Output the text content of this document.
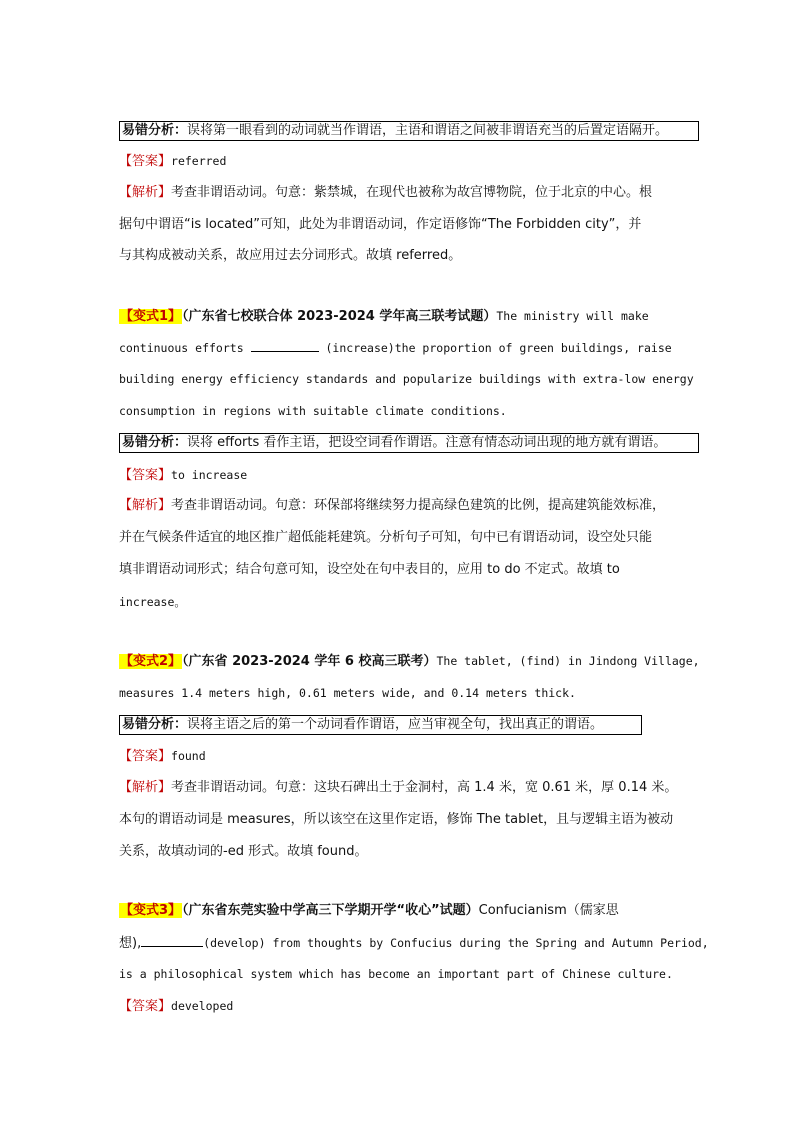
易错分析：误将第一眼看到的动词就当作谓语，主语和谓语之间被非谓语充当的后置定语隔开。
【答案】referred
【解析】考查非谓语动词。句意：紫禁城，在现代也被称为故宫博物院，位于北京的中心。根
据句中谓语“is located”可知，此处为非谓语动词，作定语修饰“The Forbidden city”，并
与其构成被动关系，故应用过去分词形式。故填 referred。
【变式1】（广东省七校联合体 2023-2024 学年高三联考试题）The ministry will make
continuous efforts	(increase)the proportion of green buildings, raise
building energy efficiency standards and popularize buildings with extra-low energy
consumption in regions with suitable climate conditions.
易错分析：误将 efforts 看作主语，把设空词看作谓语。注意有情态动词出现的地方就有谓语。
【答案】to increase
【解析】考查非谓语动词。句意：环保部将继续努力提高绿色建筑的比例，提高建筑能效标准，
并在气候条件适宜的地区推广超低能耗建筑。分析句子可知，句中已有谓语动词，设空处只能
填非谓语动词形式；结合句意可知，设空处在句中表目的，应用 to do 不定式。故填 to
increase。
【变式2】（广东省 2023-2024 学年 6 校高三联考）The tablet, (find) in Jindong Village,
measures 1.4 meters high, 0.61 meters wide, and 0.14 meters thick.
易错分析：误将主语之后的第一个动词看作谓语，应当审视全句，找出真正的谓语。
【答案】found
【解析】考查非谓语动词。句意：这块石碑出土于金洞村，高 1.4 米，宽 0.61 米，厚 0.14 米。
本句的谓语动词是 measures，所以该空在这里作定语，修饰 The tablet，且与逻辑主语为被动
关系，故填动词的-ed 形式。故填 found。
【变式3】（广东省东莞实验中学高三下学期开学“收心”试题）Confucianism（儒家思
想),	(develop) from thoughts by Confucius during the Spring and Autumn Period,
is a philosophical system which has become an important part of Chinese culture.
【答案】developed
